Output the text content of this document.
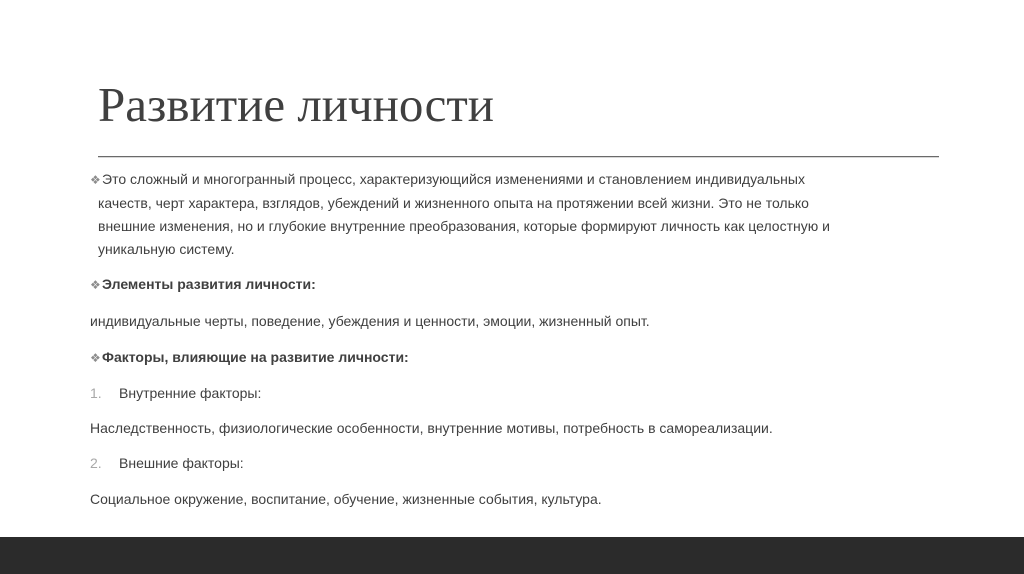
Развитие личности
❖Это сложный и многогранный процесс, характеризующийся изменениями и становлением индивидуальных
качеств, черт характера, взглядов, убеждений и жизненного опыта на протяжении всей жизни. Это не только
внешние изменения, но и глубокие внутренние преобразования, которые формируют личность как целостную и
уникальную систему.
❖Элементы развития личности:
индивидуальные черты, поведение, убеждения и ценности, эмоции, жизненный опыт.
❖Факторы, влияющие на развитие личности:
1. Внутренние факторы:
Наследственность, физиологические особенности, внутренние мотивы, потребность в самореализации.
2. Внешние факторы:
Социальное окружение, воспитание, обучение, жизненные события, культура.
